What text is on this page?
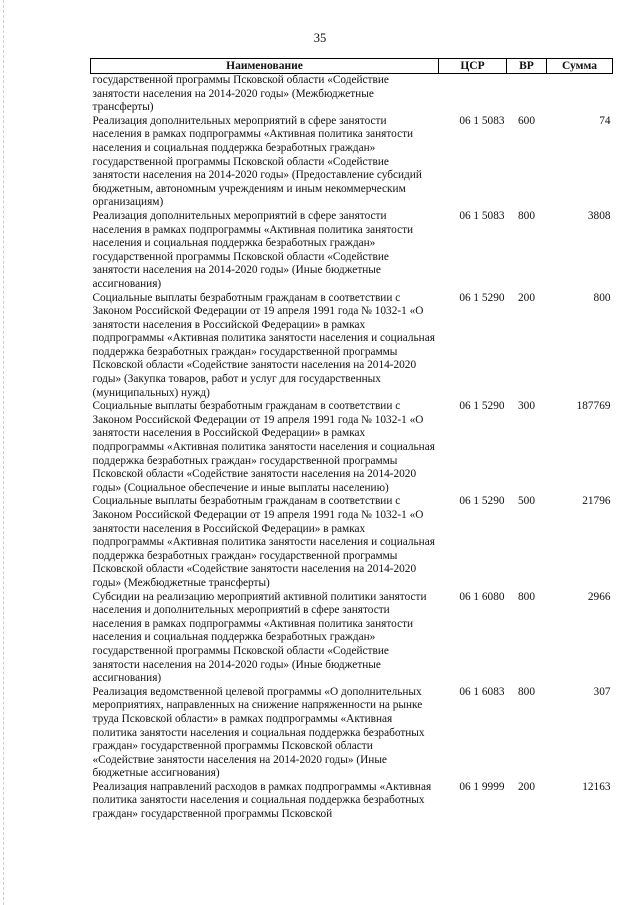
35
Наименование	ЦСР	ВР	Сумма
государственной программы Псковской области «Содействие занятости населения на 2014-2020 годы» (Межбюджетные трансферты)			
Реализация дополнительных мероприятий в сфере занятости населения в рамках подпрограммы «Активная политика занятости населения и социальная поддержка безработных граждан» государственной программы Псковской области «Содействие занятости населения на 2014-2020 годы» (Предоставление субсидий бюджетным, автономным учреждениям и иным некоммерческим организациям)	06 1 5083	600	74
Реализация дополнительных мероприятий в сфере занятости населения в рамках подпрограммы «Активная политика занятости населения и социальная поддержка безработных граждан» государственной программы Псковской области «Содействие занятости населения на 2014-2020 годы» (Иные бюджетные ассигнования)	06 1 5083	800	3808
Социальные выплаты безработным гражданам в соответствии с Законом Российской Федерации от 19 апреля 1991 года № 1032-1 «О занятости населения в Российской Федерации» в рамках подпрограммы «Активная политика занятости населения и социальная поддержка безработных граждан» государственной программы Псковской области «Содействие занятости населения на 2014-2020 годы» (Закупка товаров, работ и услуг для государственных (муниципальных) нужд)	06 1 5290	200	800
Социальные выплаты безработным гражданам в соответствии с Законом Российской Федерации от 19 апреля 1991 года № 1032-1 «О занятости населения в Российской Федерации» в рамках подпрограммы «Активная политика занятости населения и социальная поддержка безработных граждан» государственной программы Псковской области «Содействие занятости населения на 2014-2020 годы» (Социальное обеспечение и иные выплаты населению)	06 1 5290	300	187769
Социальные выплаты безработным гражданам в соответствии с Законом Российской Федерации от 19 апреля 1991 года № 1032-1 «О занятости населения в Российской Федерации» в рамках подпрограммы «Активная политика занятости населения и социальная поддержка безработных граждан» государственной программы Псковской области «Содействие занятости населения на 2014-2020 годы» (Межбюджетные трансферты)	06 1 5290	500	21796
Субсидии на реализацию мероприятий активной политики занятости населения и дополнительных мероприятий в сфере занятости населения в рамках подпрограммы «Активная политика занятости населения и социальная поддержка безработных граждан» государственной программы Псковской области «Содействие занятости населения на 2014-2020 годы» (Иные бюджетные ассигнования)	06 1 6080	800	2966
Реализация ведомственной целевой программы «О дополнительных мероприятиях, направленных на снижение напряженности на рынке труда Псковской области» в рамках подпрограммы «Активная политика занятости населения и социальная поддержка безработных граждан» государственной программы Псковской области «Содействие занятости населения на 2014-2020 годы» (Иные бюджетные ассигнования)	06 1 6083	800	307
Реализация направлений расходов в рамках подпрограммы «Активная политика занятости населения и социальная поддержка безработных граждан» государственной программы Псковской	06 1 9999	200	12163
